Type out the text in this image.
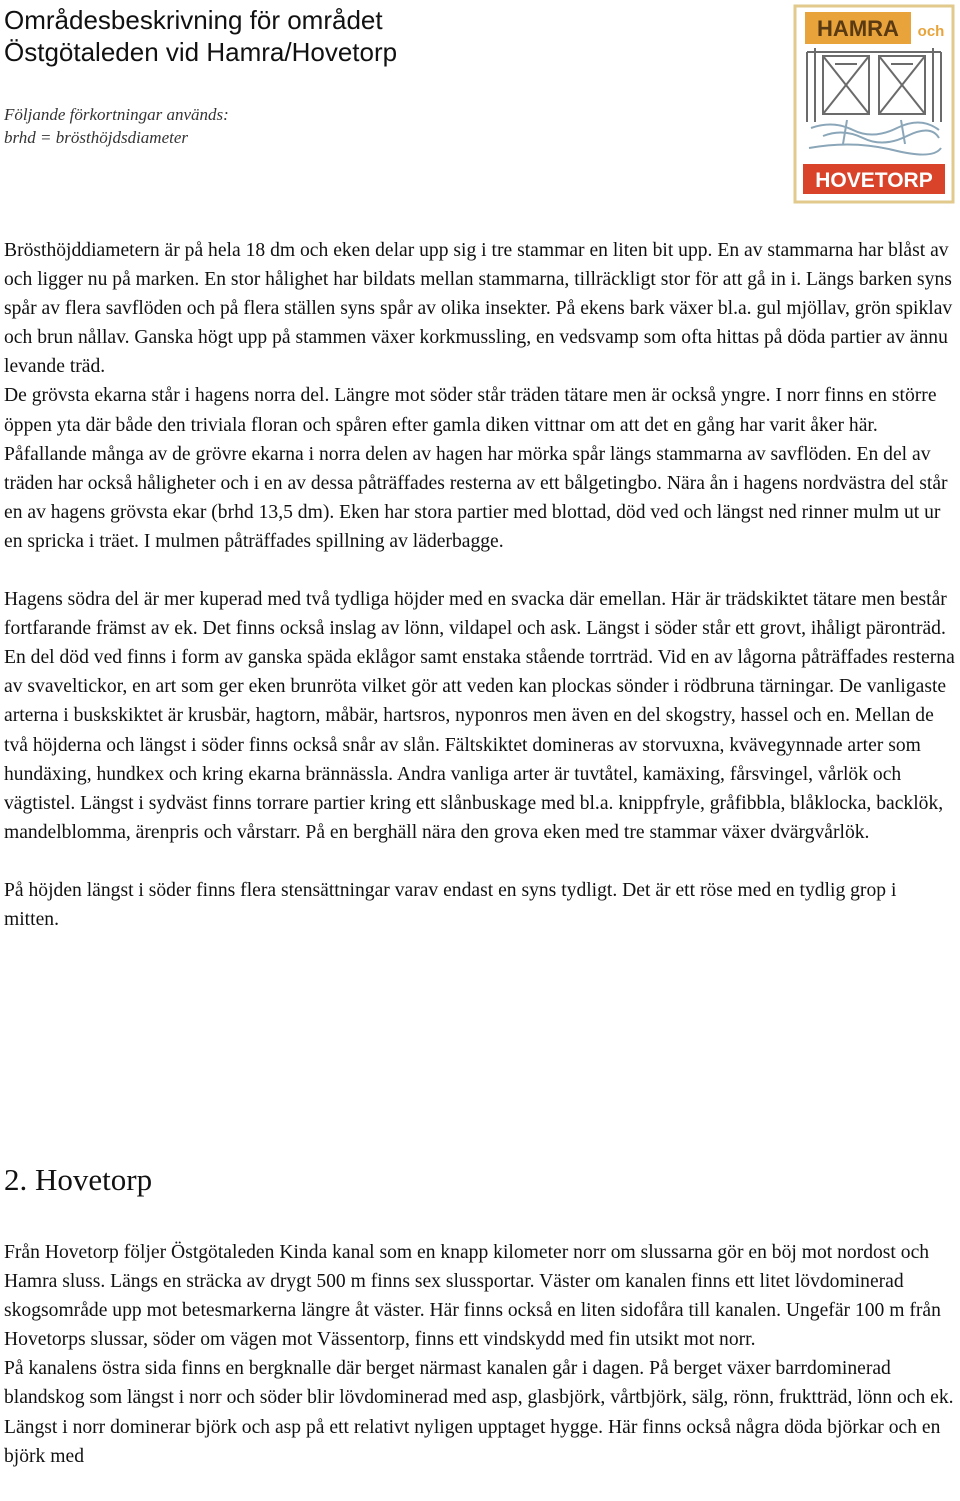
Områdesbeskrivning för området
Östgötaleden vid Hamra/Hovetorp
Följande förkortningar används:
brhd = brösthöjdsdiameter
HAMRA och
HOVETORP

Brösthöjddiametern är på hela 18 dm och eken delar upp sig i tre stammar en liten bit upp. En av stammarna har blåst av och ligger nu på marken. En stor hålighet har bildats mellan stammarna, tillräckligt stor för att gå in i. Längs barken syns spår av flera savflöden och på flera ställen syns spår av olika insekter. På ekens bark växer bl.a. gul mjöllav, grön spiklav och brun nållav. Ganska högt upp på stammen växer korkmussling, en vedsvamp som ofta hittas på döda partier av ännu levande träd.

De grövsta ekarna står i hagens norra del. Längre mot söder står träden tätare men är också yngre. I norr finns en större öppen yta där både den triviala floran och spåren efter gamla diken vittnar om att det en gång har varit åker här. Påfallande många av de grövre ekarna i norra delen av hagen har mörka spår längs stammarna av savflöden. En del av träden har också håligheter och i en av dessa påträffades resterna av ett bålgetingbo. Nära ån i hagens nordvästra del står en av hagens grövsta ekar (brhd 13,5 dm). Eken har stora partier med blottad, död ved och längst ned rinner mulm ut ur en spricka i träet. I mulmen påträffades spillning av läderbagge.

Hagens södra del är mer kuperad med två tydliga höjder med en svacka där emellan. Här är trädskiktet tätare men består fortfarande främst av ek. Det finns också inslag av lönn, vildapel och ask. Längst i söder står ett grovt, ihåligt päronträd. En del död ved finns i form av ganska späda eklågor samt enstaka stående torrträd. Vid en av lågorna påträffades resterna av svaveltickor, en art som ger eken brunröta vilket gör att veden kan plockas sönder i rödbruna tärningar. De vanligaste arterna i buskskiktet är krusbär, hagtorn, måbär, hartsros, nyponros men även en del skogstry, hassel och en. Mellan de två höjderna och längst i söder finns också snår av slån. Fältskiktet domineras av storvuxna, kvävegynnade arter som hundäxing, hundkex och kring ekarna brännässla. Andra vanliga arter är tuvtåtel, kamäxing, fårsvingel, vårlök och vägtistel. Längst i sydväst finns torrare partier kring ett slånbuskage med bl.a. knippfryle, gråfibbla, blåklocka, backlök, mandelblomma, ärenpris och vårstarr. På en berghäll nära den grova eken med tre stammar växer dvärgvårlök.

På höjden längst i söder finns flera stensättningar varav endast en syns tydligt. Det är ett röse med en tydlig grop i mitten.

2. Hovetorp

Från Hovetorp följer Östgötaleden Kinda kanal som en knapp kilometer norr om slussarna gör en böj mot nordost och Hamra sluss. Längs en sträcka av drygt 500 m finns sex slussportar. Väster om kanalen finns ett litet lövdominerad skogsområde upp mot betesmarkerna längre åt väster. Här finns också en liten sidofåra till kanalen. Ungefär 100 m från Hovetorps slussar, söder om vägen mot Vässentorp, finns ett vindskydd med fin utsikt mot norr.

På kanalens östra sida finns en bergknalle där berget närmast kanalen går i dagen. På berget växer barrdominerad blandskog som längst i norr och söder blir lövdominerad med asp, glasbjörk, vårtbjörk, sälg, rönn, fruktträd, lönn och ek. Längst i norr dominerar björk och asp på ett relativt nyligen upptaget hygge. Här finns också några döda björkar och en björk med
